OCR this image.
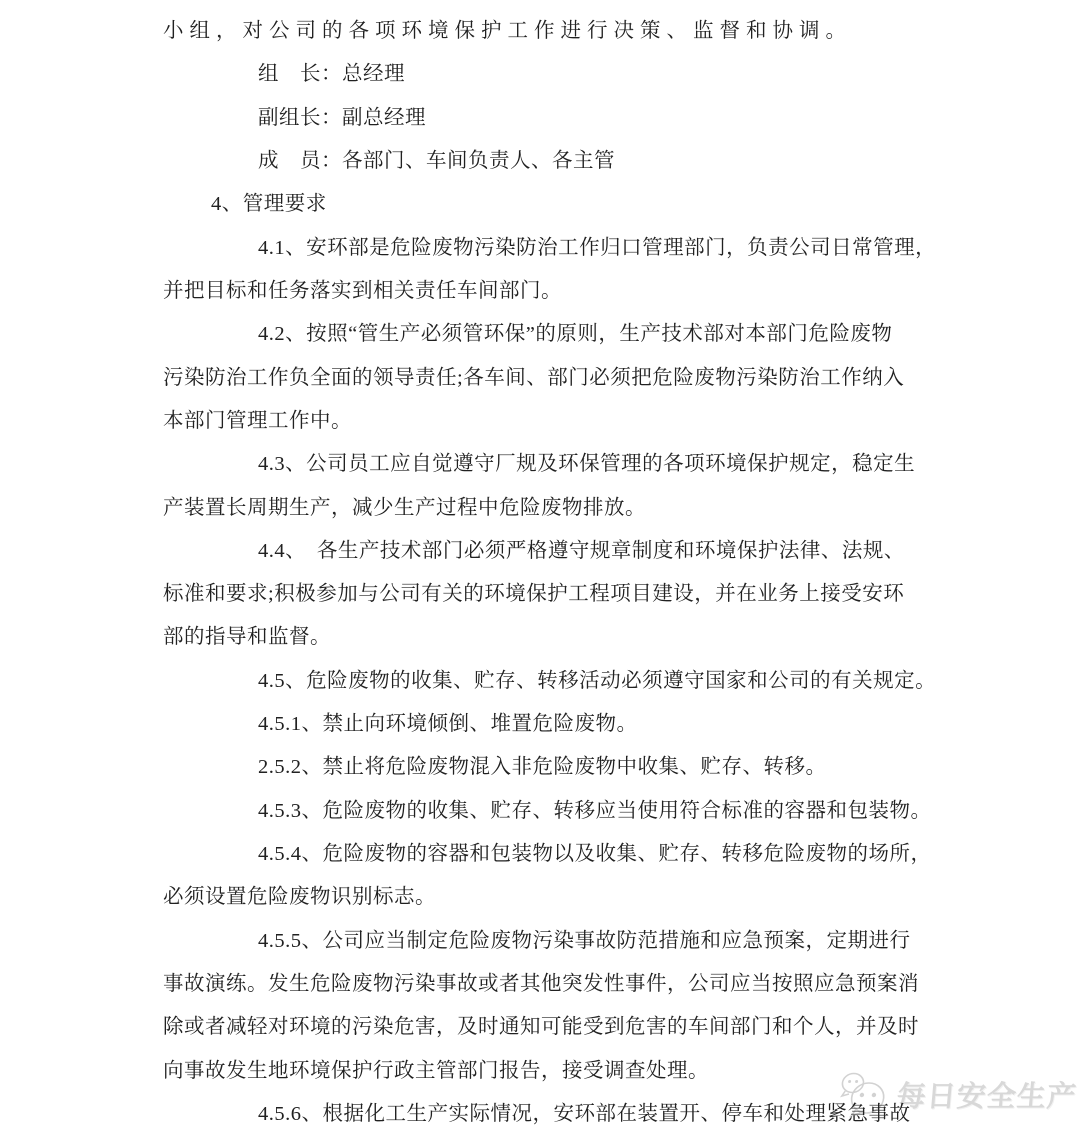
每日安全生产
小组，对公司的各项环境保护工作进行决策、监督和协调。
组　长：总经理
副组长：副总经理
成　员：各部门、车间负责人、各主管
4、管理要求
4.1、安环部是危险废物污染防治工作归口管理部门，负责公司日常管理，
并把目标和任务落实到相关责任车间部门。
4.2、按照“管生产必须管环保”的原则，生产技术部对本部门危险废物
污染防治工作负全面的领导责任;各车间、部门必须把危险废物污染防治工作纳入
本部门管理工作中。
4.3、公司员工应自觉遵守厂规及环保管理的各项环境保护规定，稳定生
产装置长周期生产，减少生产过程中危险废物排放。
4.4、　各生产技术部门必须严格遵守规章制度和环境保护法律、法规、
标准和要求;积极参加与公司有关的环境保护工程项目建设，并在业务上接受安环
部的指导和监督。
4.5、危险废物的收集、贮存、转移活动必须遵守国家和公司的有关规定。
4.5.1、禁止向环境倾倒、堆置危险废物。
2.5.2、禁止将危险废物混入非危险废物中收集、贮存、转移。
4.5.3、危险废物的收集、贮存、转移应当使用符合标准的容器和包装物。
4.5.4、危险废物的容器和包装物以及收集、贮存、转移危险废物的场所，
必须设置危险废物识别标志。
4.5.5、公司应当制定危险废物污染事故防范措施和应急预案，定期进行
事故演练。发生危险废物污染事故或者其他突发性事件，公司应当按照应急预案消
除或者减轻对环境的污染危害，及时通知可能受到危害的车间部门和个人，并及时
向事故发生地环境保护行政主管部门报告，接受调查处理。
4.5.6、根据化工生产实际情况，安环部在装置开、停车和处理紧急事故
